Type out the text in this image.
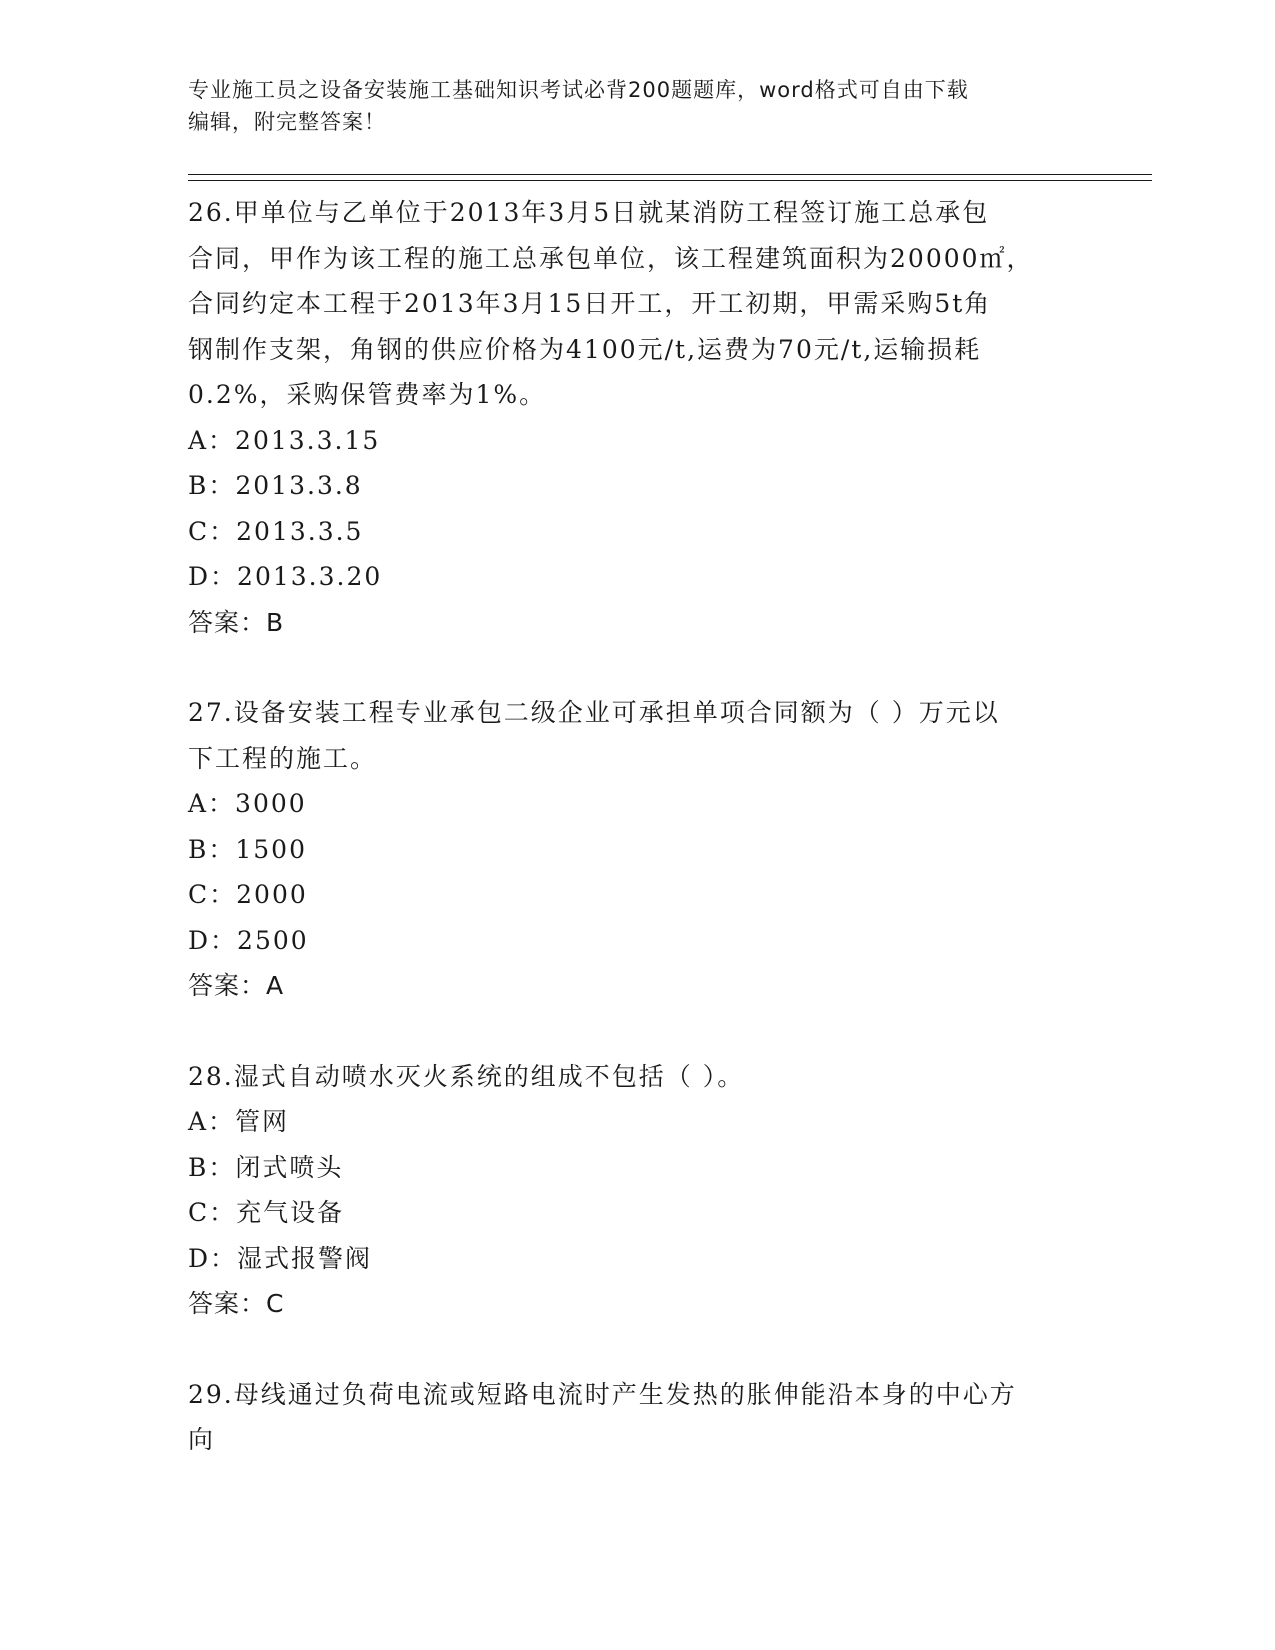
专业施工员之设备安装施工基础知识考试必背200题题库，word格式可自由下载
编辑，附完整答案！
26.甲单位与乙单位于2013年3月5日就某消防工程签订施工总承包
合同，甲作为该工程的施工总承包单位，该工程建筑面积为20000㎡，
合同约定本工程于2013年3月15日开工，开工初期，甲需采购5t角
钢制作支架，角钢的供应价格为4100元/t,运费为70元/t,运输损耗
0.2%，采购保管费率为1%。
A：2013.3.15
B：2013.3.8
C：2013.3.5
D：2013.3.20
答案：B
27.设备安装工程专业承包二级企业可承担单项合同额为（ ）万元以
下工程的施工。
A：3000
B：1500
C：2000
D：2500
答案：A
28.湿式自动喷水灭火系统的组成不包括（ ）。
A：管网
B：闭式喷头
C：充气设备
D：湿式报警阀
答案：C
29.母线通过负荷电流或短路电流时产生发热的胀伸能沿本身的中心方
向
